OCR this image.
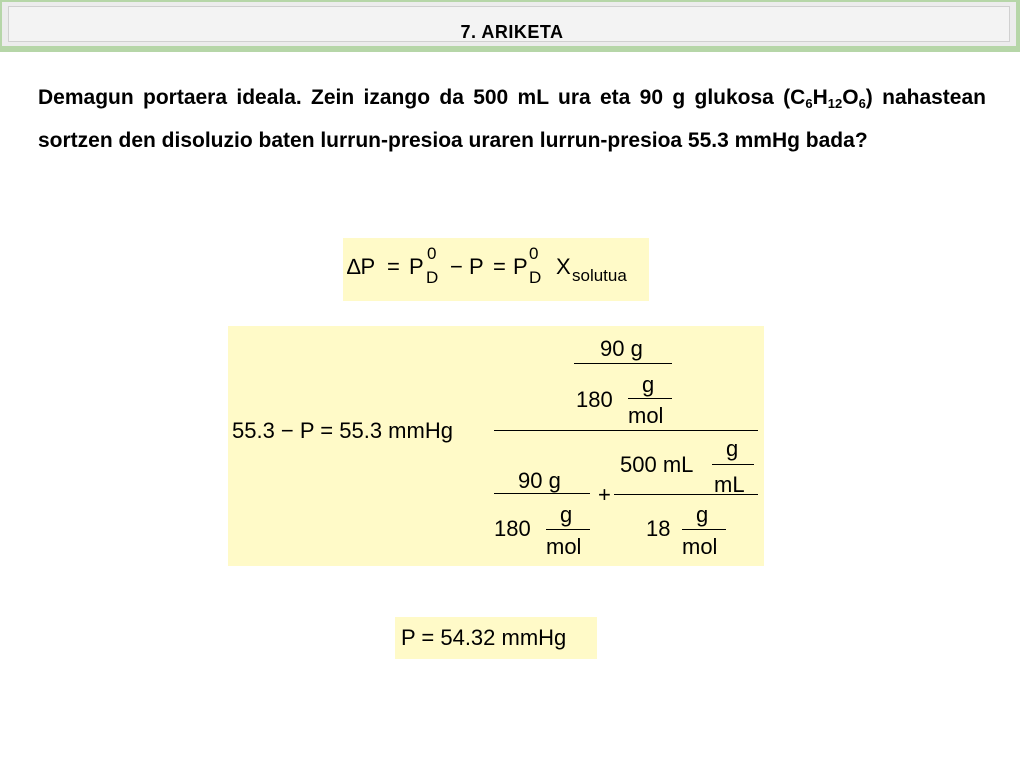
7. ARIKETA
Demagun portaera ideala. Zein izango da 500 mL ura eta 90 g glukosa $(C_6H_{12}O_6)$ nahastean sortzen den disoluzio baten lurrun-presioa uraren lurrun-presioa 55.3 mmHg bada?
∆P = P
0
D − P = P
0
D X solutua
55.3 − P = 55.3 mmHg
90 g
180
g
mol
90 g
180
g
mol
+
500 mL
g
mL
18
g
mol
P = 54.32 mmHg
